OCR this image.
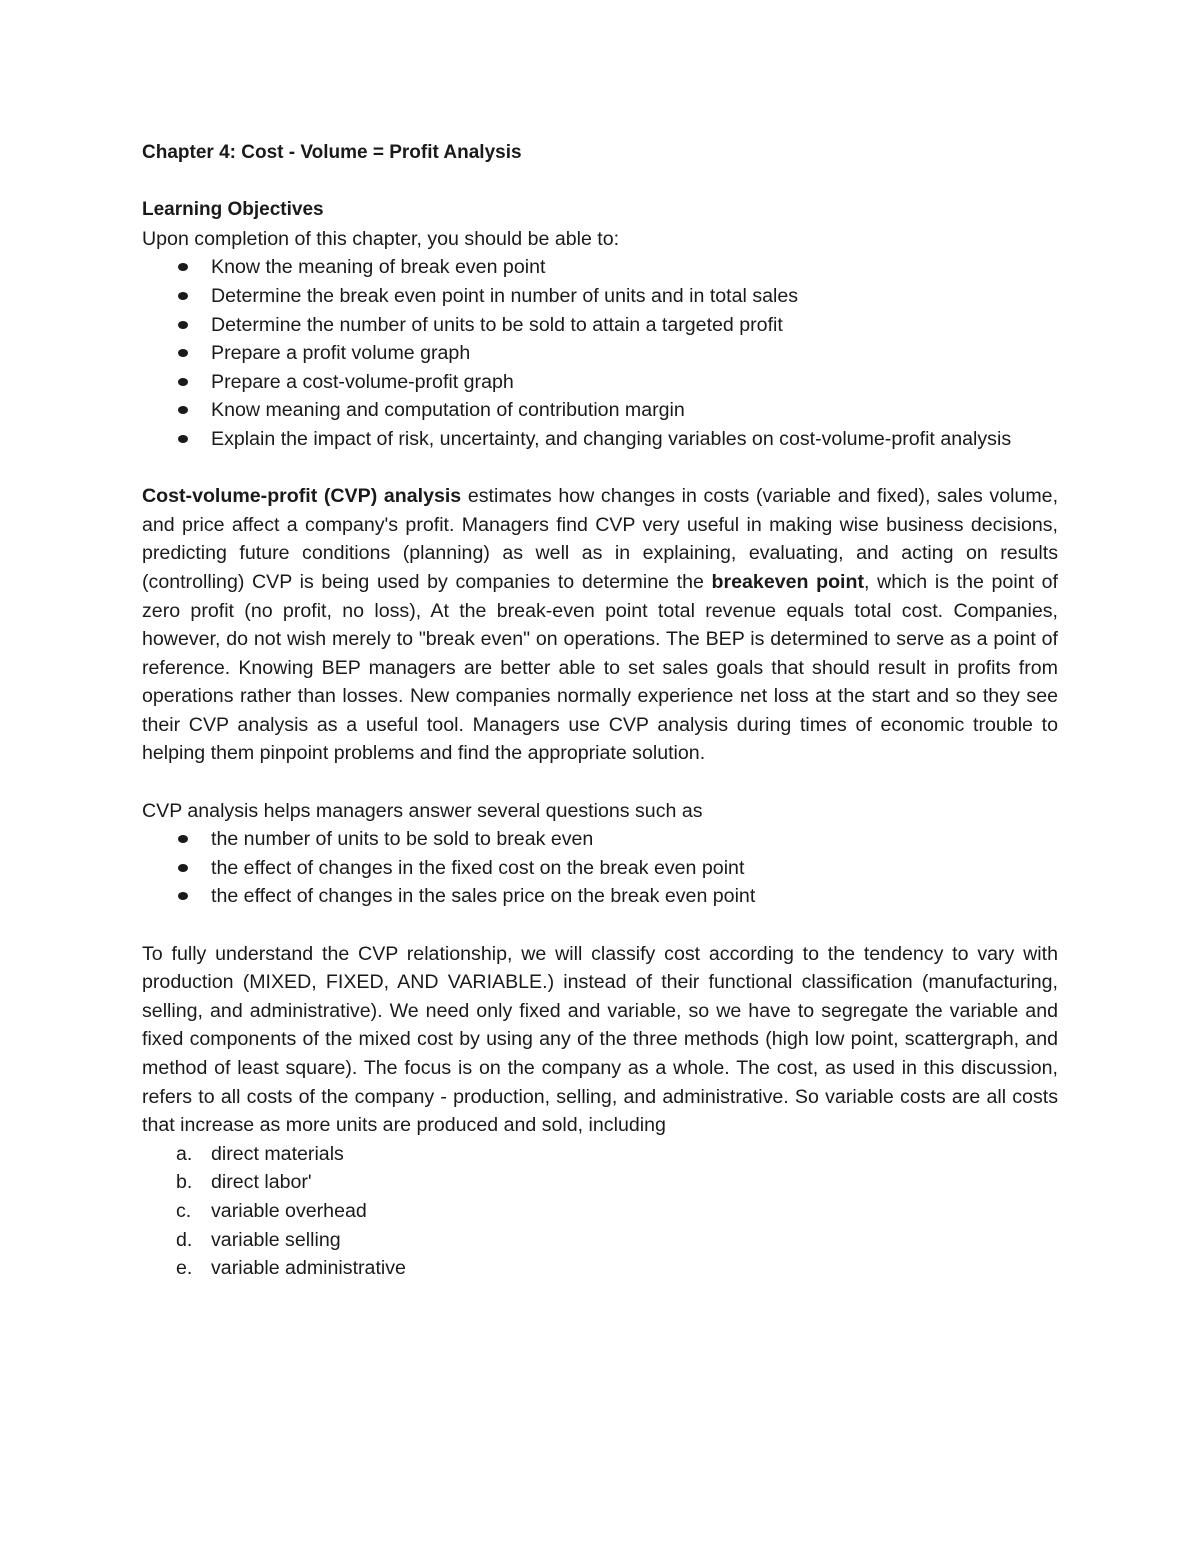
Chapter 4: Cost - Volume = Profit Analysis

Learning Objectives

Upon completion of this chapter, you should be able to:

Know the meaning of break even point
Determine the break even point in number of units and in total sales
Determine the number of units to be sold to attain a targeted profit
Prepare a profit volume graph
Prepare a cost-volume-profit graph
Know meaning and computation of contribution margin
Explain the impact of risk, uncertainty, and changing variables on cost-volume-profit analysis

Cost-volume-profit (CVP) analysis estimates how changes in costs (variable and fixed), sales volume, and price affect a company's profit. Managers find CVP very useful in making wise business decisions, predicting future conditions (planning) as well as in explaining, evaluating, and acting on results (controlling) CVP is being used by companies to determine the breakeven point, which is the point of zero profit (no profit, no loss), At the break-even point total revenue equals total cost. Companies, however, do not wish merely to "break even" on operations. The BEP is determined to serve as a point of reference. Knowing BEP managers are better able to set sales goals that should result in profits from operations rather than losses. New companies normally experience net loss at the start and so they see their CVP analysis as a useful tool. Managers use CVP analysis during times of economic trouble to helping them pinpoint problems and find the appropriate solution.

CVP analysis helps managers answer several questions such as

the number of units to be sold to break even
the effect of changes in the fixed cost on the break even point
the effect of changes in the sales price on the break even point

To fully understand the CVP relationship, we will classify cost according to the tendency to vary with production (MIXED, FIXED, AND VARIABLE.) instead of their functional classification (manufacturing, selling, and administrative). We need only fixed and variable, so we have to segregate the variable and fixed components of the mixed cost by using any of the three methods (high low point, scattergraph, and method of least square). The focus is on the company as a whole. The cost, as used in this discussion, refers to all costs of the company - production, selling, and administrative. So variable costs are all costs that increase as more units are produced and sold, including

a. direct materials
b. direct labor'
c. variable overhead
d. variable selling
e. variable administrative
